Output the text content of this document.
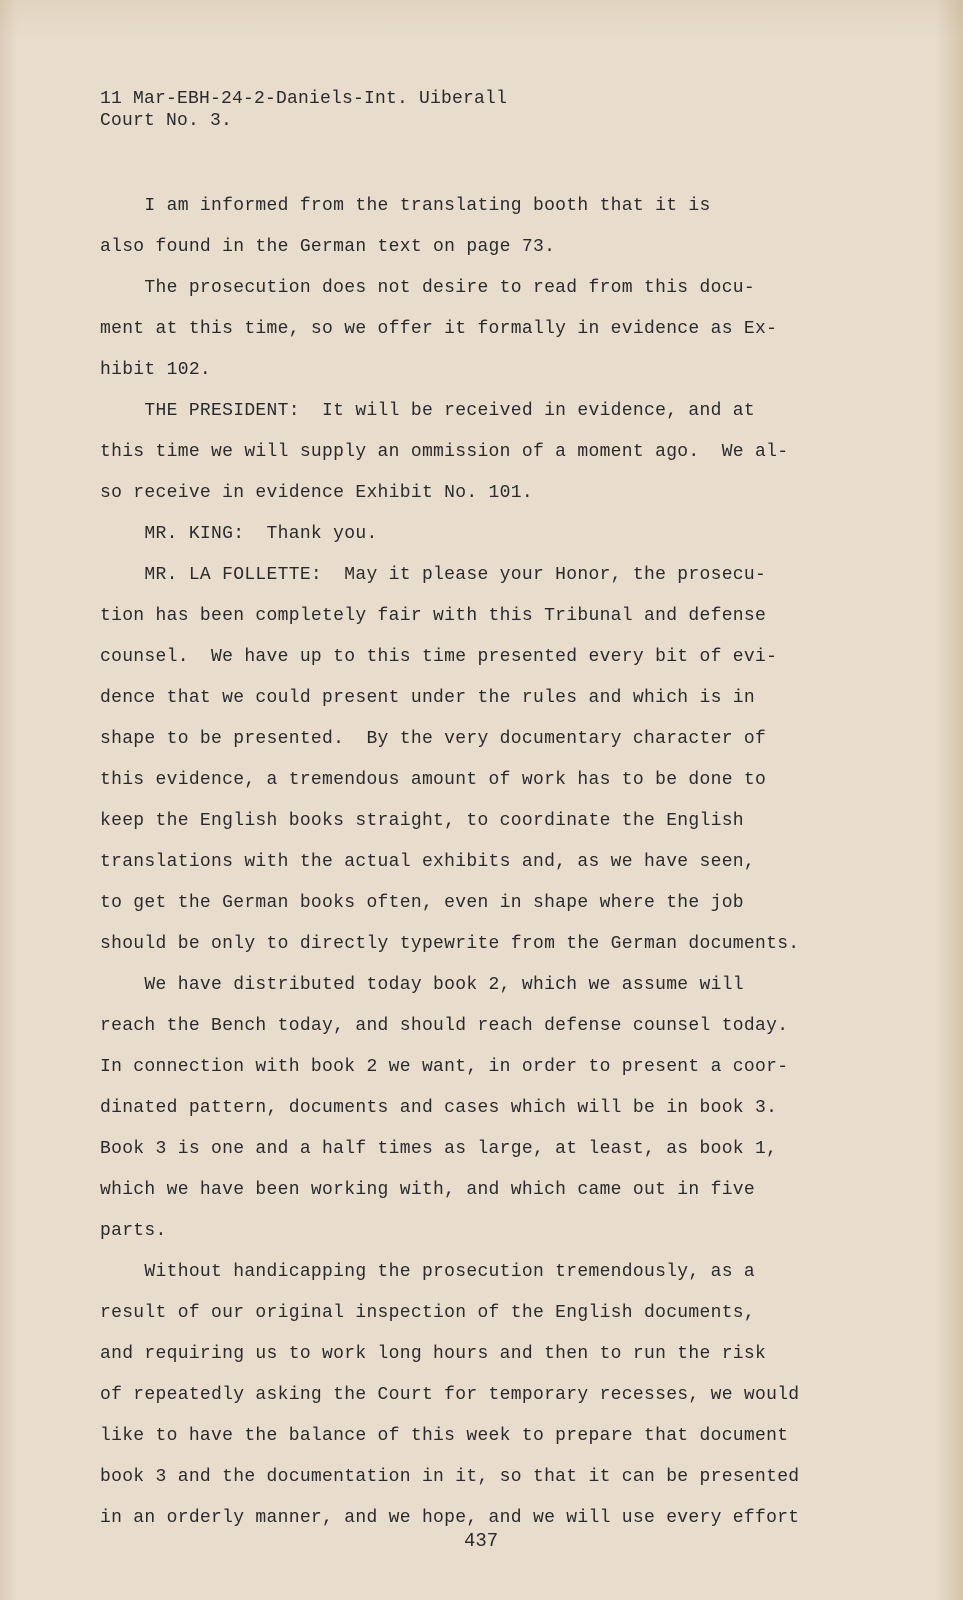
11 Mar-EBH-24-2-Daniels-Int. Uiberall
Court No. 3.
I am informed from the translating booth that it is
also found in the German text on page 73.
The prosecution does not desire to read from this docu-
ment at this time, so we offer it formally in evidence as Ex-
hibit 102.
THE PRESIDENT:  It will be received in evidence, and at
this time we will supply an ommission of a moment ago.  We al-
so receive in evidence Exhibit No. 101.
MR. KING:  Thank you.
MR. LA FOLLETTE:  May it please your Honor, the prosecu-
tion has been completely fair with this Tribunal and defense
counsel.  We have up to this time presented every bit of evi-
dence that we could present under the rules and which is in
shape to be presented.  By the very documentary character of
this evidence, a tremendous amount of work has to be done to
keep the English books straight, to coordinate the English
translations with the actual exhibits and, as we have seen,
to get the German books often, even in shape where the job
should be only to directly typewrite from the German documents.
We have distributed today book 2, which we assume will
reach the Bench today, and should reach defense counsel today.
In connection with book 2 we want, in order to present a coor-
dinated pattern, documents and cases which will be in book 3.
Book 3 is one and a half times as large, at least, as book 1,
which we have been working with, and which came out in five
parts.
Without handicapping the prosecution tremendously, as a
result of our original inspection of the English documents,
and requiring us to work long hours and then to run the risk
of repeatedly asking the Court for temporary recesses, we would
like to have the balance of this week to prepare that document
book 3 and the documentation in it, so that it can be presented
in an orderly manner, and we hope, and we will use every effort
437
